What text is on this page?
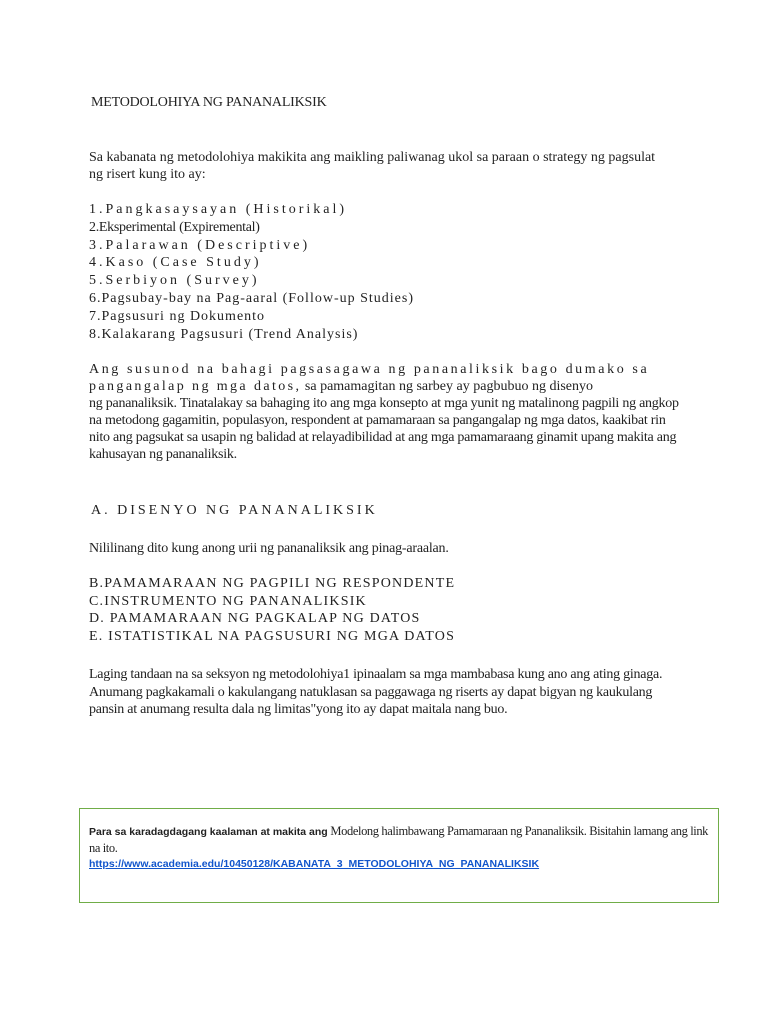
METODOLOHIYA NG PANANALIKSIK

Sa kabanata ng metodolohiya makikita ang maikling paliwanag ukol sa paraan o strategy ng pagsulat ng risert kung ito ay:

1.Pangkasaysayan (Historikal)
2.Eksperimental (Expiremental)
3.Palarawan (Descriptive)
4.Kaso (Case Study)
5.Serbiyon (Survey)
6.Pagsubay-bay na Pag-aaral (Follow-up Studies)
7.Pagsusuri ng Dokumento
8.Kalakarang Pagsusuri (Trend Analysis)
Ang susunod na bahagi pagsasagawa ng pananaliksik bago dumako sa
pangangalap ng mga datos, sa pamamagitan ng sarbey ay pagbubuo ng disenyo
ng pananaliksik. Tinatalakay sa bahaging ito ang mga konsepto at mga yunit ng matalinong pagpili ng angkop na metodong gagamitin, populasyon, respondent at pamamaraan sa pangangalap ng mga datos, kaakibat rin nito ang pagsukat sa usapin ng balidad at relayadibilidad at ang mga pamamaraang ginamit upang makita ang kahusayan ng pananaliksik.
A. DISENYO NG PANANALIKSIK
Nililinang dito kung anong urii ng pananaliksik ang pinag-araalan.
B.PAMAMARAAN NG PAGPILI NG RESPONDENTE
C.INSTRUMENTO NG PANANALIKSIK
D. PAMAMARAAN NG PAGKALAP NG DATOS
E. ISTATISTIKAL NA PAGSUSURI NG MGA DATOS

Laging tandaan na sa seksyon ng metodolohiya1 ipinaalam sa mga mambabasa kung ano ang ating ginaga. Anumang pagkakamali o kakulangang natuklasan sa paggawaga ng riserts ay dapat bigyan ng kaukulang pansin at anumang resulta dala ng limitas"yong ito ay dapat maitala nang buo.

Para sa karadagdagang kaalaman at makita ang Modelong halimbawang Pamamaraan ng Pananaliksik. Bisitahin lamang ang link na ito.
https://www.academia.edu/10450128/KABANATA_3_METODOLOHIYA_NG_PANANALIKSIK
